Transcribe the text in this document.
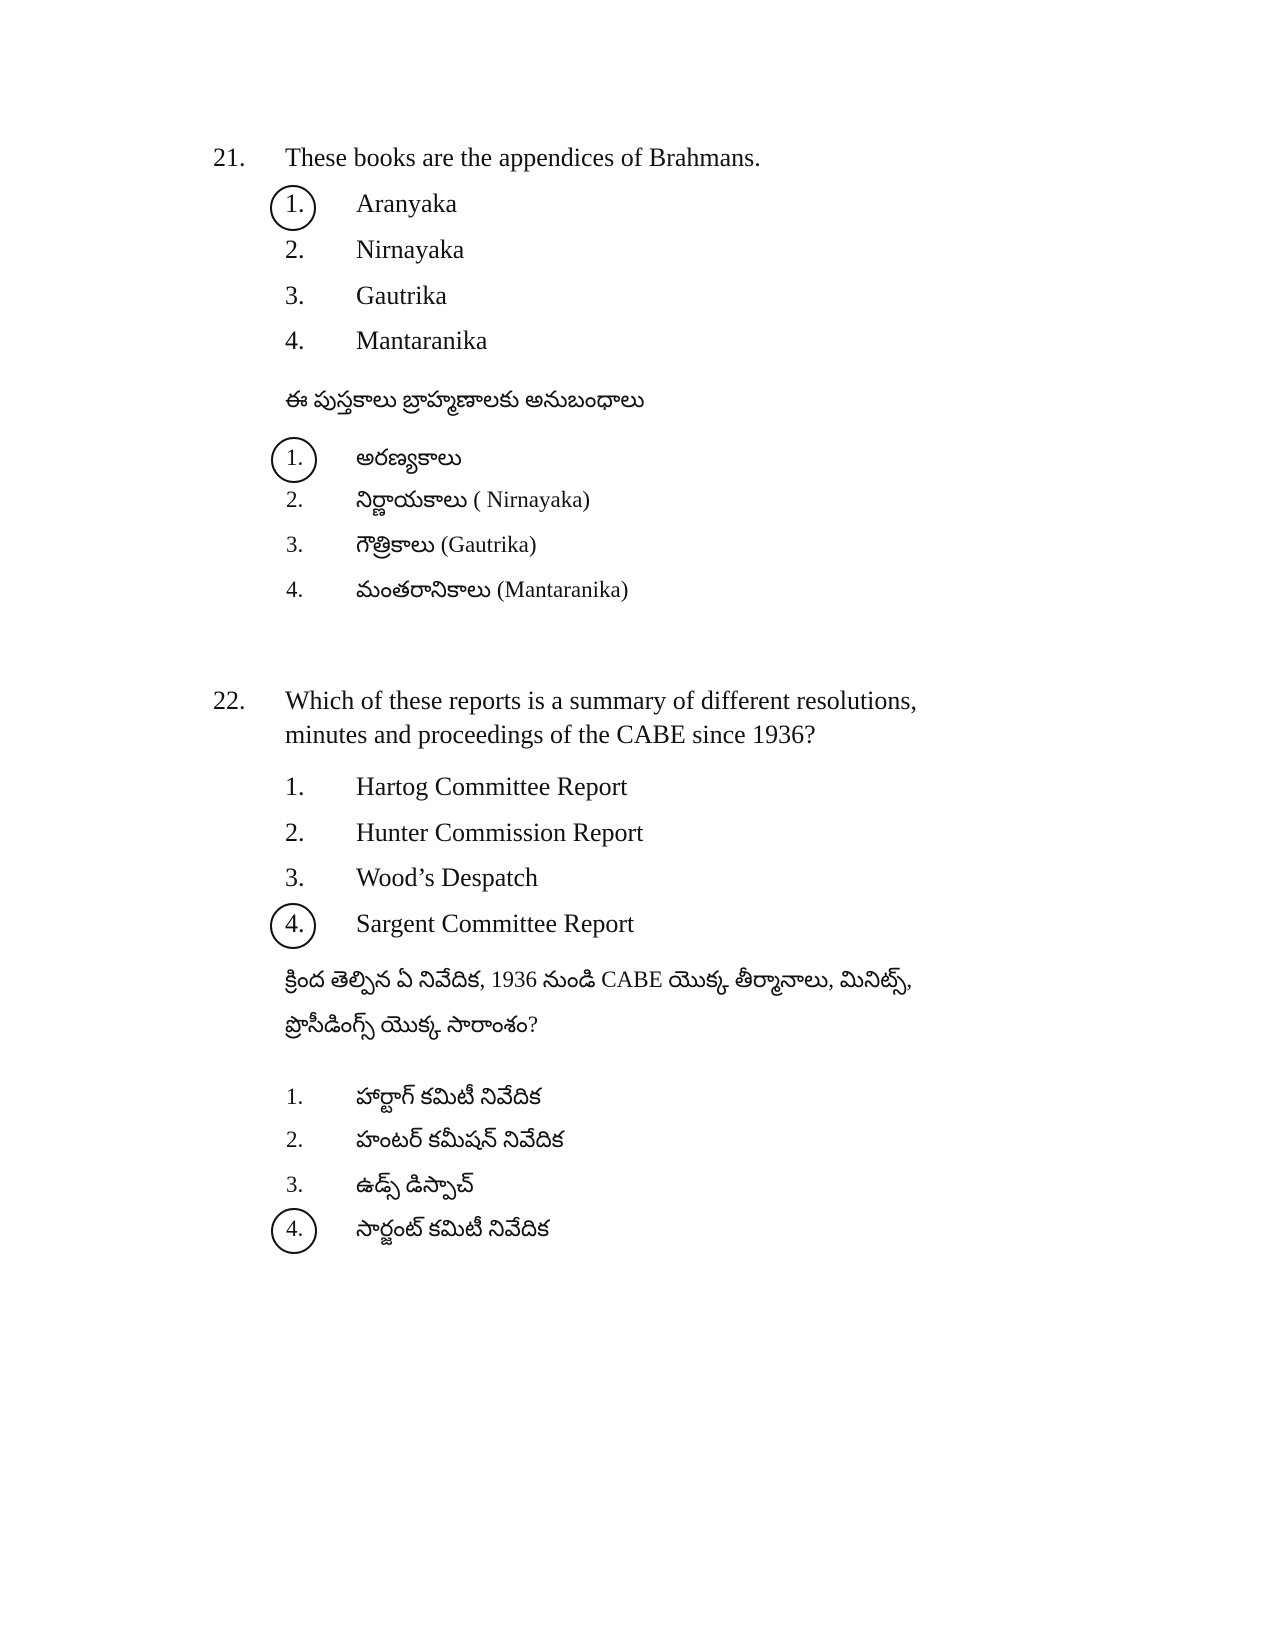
21. These books are the appendices of Brahmans.
1. Aranyaka
2. Nirnayaka
3. Gautrika
4. Mantaranika
ఈ పుస్తకాలు బ్రాహ్మణాలకు అనుబంధాలు
1. అరణ్యకాలు
2. నిర్ణాయకాలు ( Nirnayaka)
3. గౌత్రికాలు (Gautrika)
4. మంతరానికాలు (Mantaranika)
22. Which of these reports is a summary of different resolutions,
minutes and proceedings of the CABE since 1936?
1. Hartog Committee Report
2. Hunter Commission Report
3. Wood’s Despatch
4. Sargent Committee Report
క్రింద తెల్పిన ఏ నివేదిక, 1936 నుండి CABE యొక్క తీర్మానాలు, మినిట్స్,
ప్రొసీడింగ్స్ యొక్క సారాంశం?
1. హార్టాగ్ కమిటీ నివేదిక
2. హంటర్ కమీషన్ నివేదిక
3. ఉడ్స్ డిస్పాచ్
4. సార్జంట్ కమిటీ నివేదిక
